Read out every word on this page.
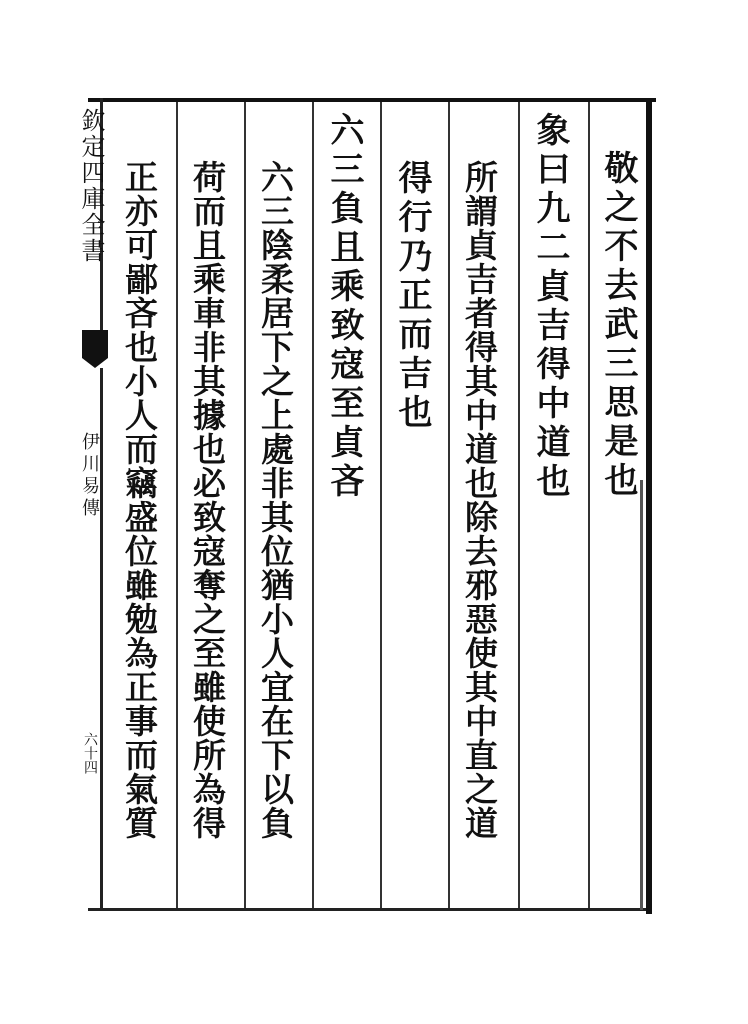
欽定四庫全書
伊川易傳
六十四
敬之不去武三思是也
象曰九二貞吉得中道也
所謂貞吉者得其中道也除去邪惡使其中直之道
得行乃正而吉也
六三負且乘致寇至貞吝
六三陰柔居下之上處非其位猶小人宜在下以負
荷而且乘車非其據也必致寇奪之至雖使所為得
正亦可鄙吝也小人而竊盛位雖勉為正事而氣質
